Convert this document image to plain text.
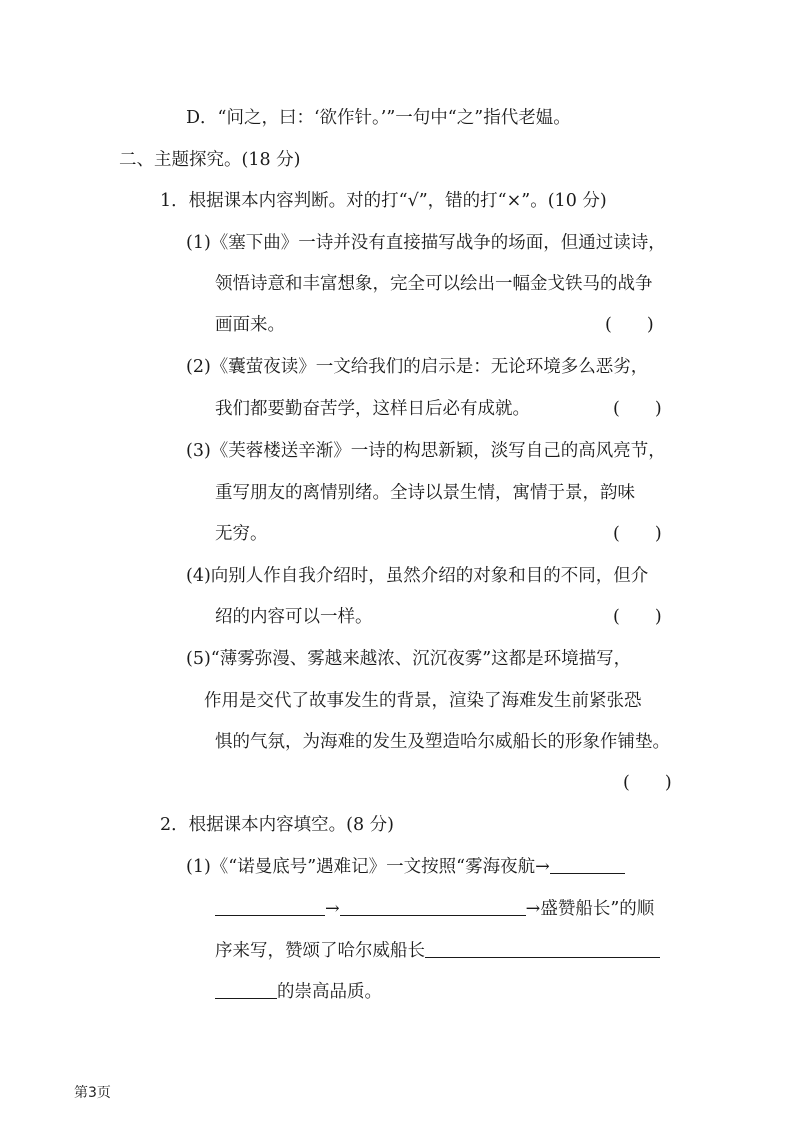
D．“问之，曰：‘欲作针。’”一句中“之”指代老媪。
二、主题探究。(18 分)
1．根据课本内容判断。对的打“√”，错的打“×”。(10 分)
(1)《塞下曲》一诗并没有直接描写战争的场面，但通过读诗，
领悟诗意和丰富想象，完全可以绘出一幅金戈铁马的战争
画面来。	(　　)
(2)《囊萤夜读》一文给我们的启示是：无论环境多么恶劣，
我们都要勤奋苦学，这样日后必有成就。	(　　)
(3)《芙蓉楼送辛渐》一诗的构思新颖，淡写自己的高风亮节，
重写朋友的离情别绪。全诗以景生情，寓情于景，韵味
无穷。	(　　)
(4)向别人作自我介绍时，虽然介绍的对象和目的不同，但介
绍的内容可以一样。	(　　)
(5)“薄雾弥漫、雾越来越浓、沉沉夜雾”这都是环境描写，
作用是交代了故事发生的背景，渲染了海难发生前紧张恐
惧的气氛，为海难的发生及塑造哈尔威船长的形象作铺垫。
(　　)
2．根据课本内容填空。(8 分)
(1)《“诺曼底号”遇难记》一文按照“雾海夜航→
→	→盛赞船长”的顺
序来写，赞颂了哈尔威船长
的崇高品质。
第3页
